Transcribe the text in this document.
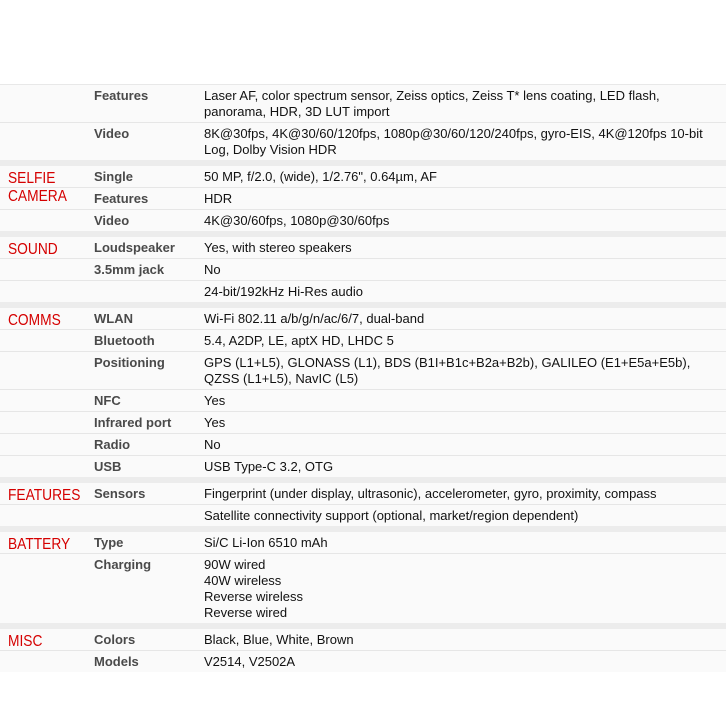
Features	Laser AF, color spectrum sensor, Zeiss optics, Zeiss T* lens coating, LED flash, panorama, HDR, 3D LUT import
Video	8K@30fps, 4K@30/60/120fps, 1080p@30/60/120/240fps, gyro-EIS, 4K@120fps 10-bit Log, Dolby Vision HDR
SELFIE CAMERA
Single	50 MP, f/2.0, (wide), 1/2.76", 0.64µm, AF
Features	HDR
Video	4K@30/60fps, 1080p@30/60fps
SOUND	Loudspeaker	Yes, with stereo speakers
3.5mm jack	No
24-bit/192kHz Hi-Res audio
COMMS	WLAN	Wi-Fi 802.11 a/b/g/n/ac/6/7, dual-band
Bluetooth	5.4, A2DP, LE, aptX HD, LHDC 5
Positioning	GPS (L1+L5), GLONASS (L1), BDS (B1I+B1c+B2a+B2b), GALILEO (E1+E5a+E5b), QZSS (L1+L5), NavIC (L5)
NFC	Yes
Infrared port	Yes
Radio	No
USB	USB Type-C 3.2, OTG
FEATURES	Sensors	Fingerprint (under display, ultrasonic), accelerometer, gyro, proximity, compass
Satellite connectivity support (optional, market/region dependent)
BATTERY	Type	Si/C Li-Ion 6510 mAh
Charging	90W wired
40W wireless
Reverse wireless
Reverse wired
MISC	Colors	Black, Blue, White, Brown
Models	V2514, V2502A
